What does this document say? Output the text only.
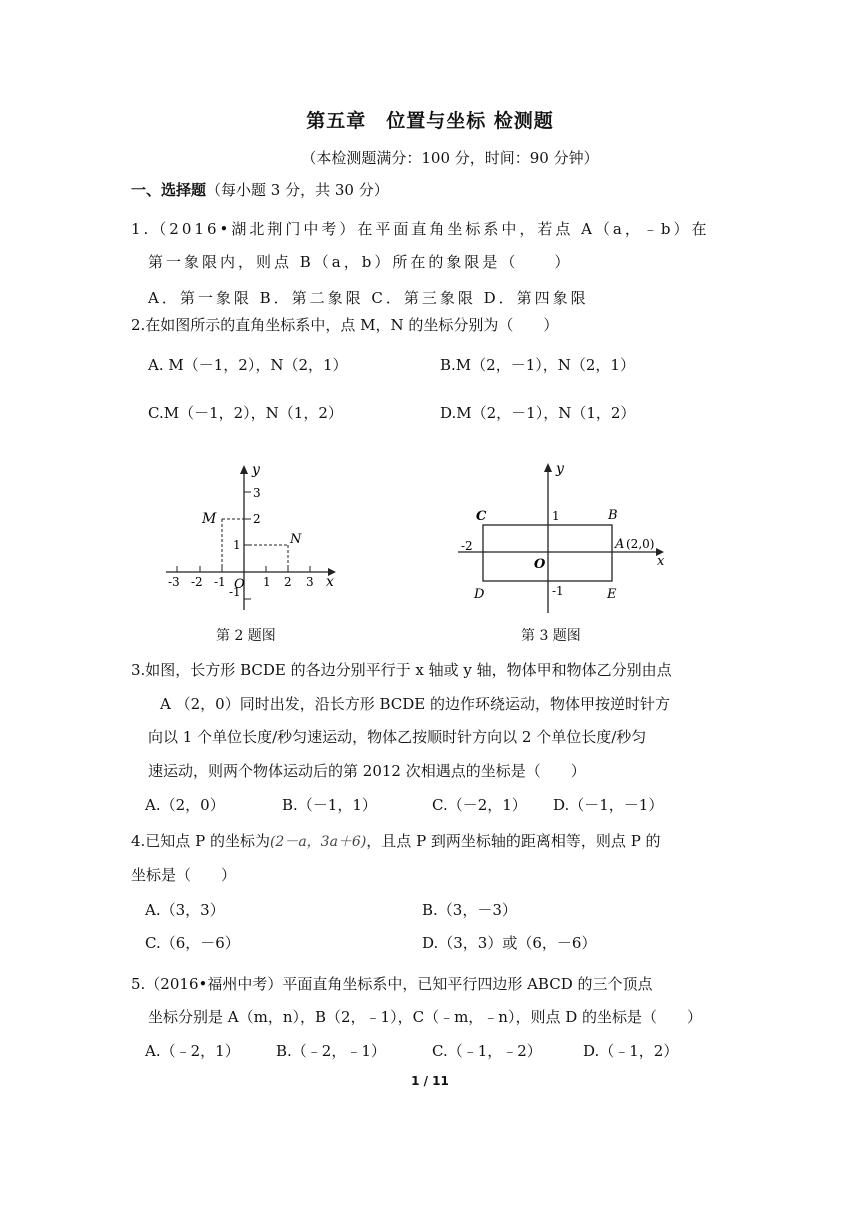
第五章　位置与坐标 检测题
（本检测题满分：100 分，时间：90 分钟）
一、选择题（每小题 3 分，共 30 分）
1.（2016•湖北荆门中考）在平面直角坐标系中，若点 A（a，﹣b）在
第一象限内，则点 B（a，b）所在的象限是（　　）
A．第一象限 B．第二象限 C．第三象限 D．第四象限
2.在如图所示的直角坐标系中，点 M，N 的坐标分别为（　　）
A. M（－1，2），N（2，1）	B.M（2，－1），N（2，1）
C.M（－1，2），N（1，2）	D.M（2，－1），N（1，2）
y
x
M
N
3
2
1
-1
-3 -2 -1 O 1 2 3
第 2 题图
y
x
C	1	B
-2	A (2,0)
O
D	-1	E
第 3 题图
3.如图，长方形 BCDE 的各边分别平行于 x 轴或 y 轴，物体甲和物体乙分别由点
A （2，0）同时出发，沿长方形 BCDE 的边作环绕运动，物体甲按逆时针方
向以 1 个单位长度/秒匀速运动，物体乙按顺时针方向以 2 个单位长度/秒匀
速运动，则两个物体运动后的第 2012 次相遇点的坐标是（　　）
A.（2，0）	B.（－1，1）	C.（－2，1） D.（－1，－1）
4.已知点 P 的坐标为(2－a，3a＋6)，且点 P 到两坐标轴的距离相等，则点 P 的
坐标是（　　）
A.（3，3）	B.（3，－3）
C.（6，－6）	D.（3，3）或（6，－6）
5.（2016•福州中考）平面直角坐标系中，已知平行四边形 ABCD 的三个顶点
坐标分别是 A（m，n），B（2，﹣1），C（﹣m，﹣n），则点 D 的坐标是（　　）
A.（﹣2，1） B.（﹣2，﹣1）	C.（﹣1，﹣2）	D.（﹣1，2）
1 / 11
